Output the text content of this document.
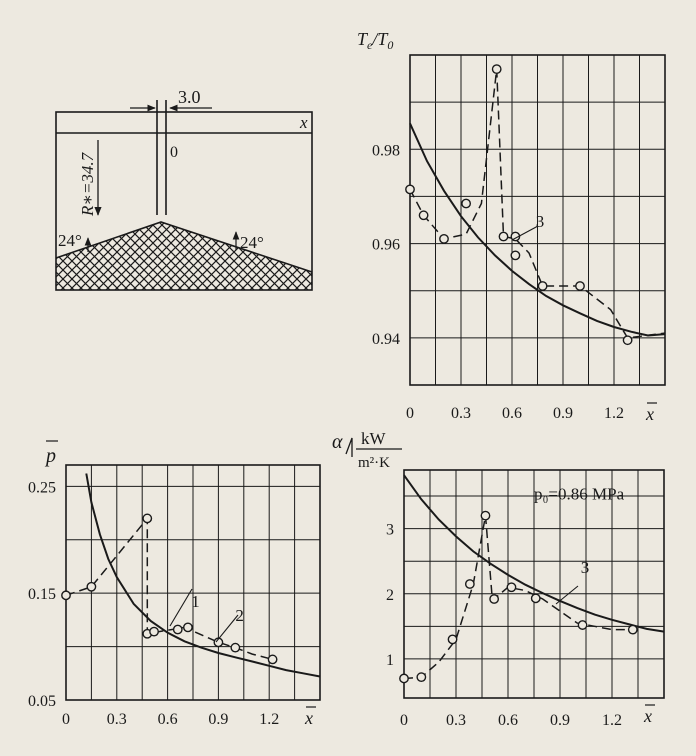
x
3.0
0
R∗=34.7
24°	24°
0 0.3 0.6 0.9 1.2
0.94
0.96
0.98
3
$T_e/T_0$
x
0 0.3 0.6 0.9 1.2
0.05
0.15
0.25
1
2
p
x	0 0.3 0.6 0.9 1.2
1
2
3
3
p₀=0.86 MPa
α kW
m²·K
x
